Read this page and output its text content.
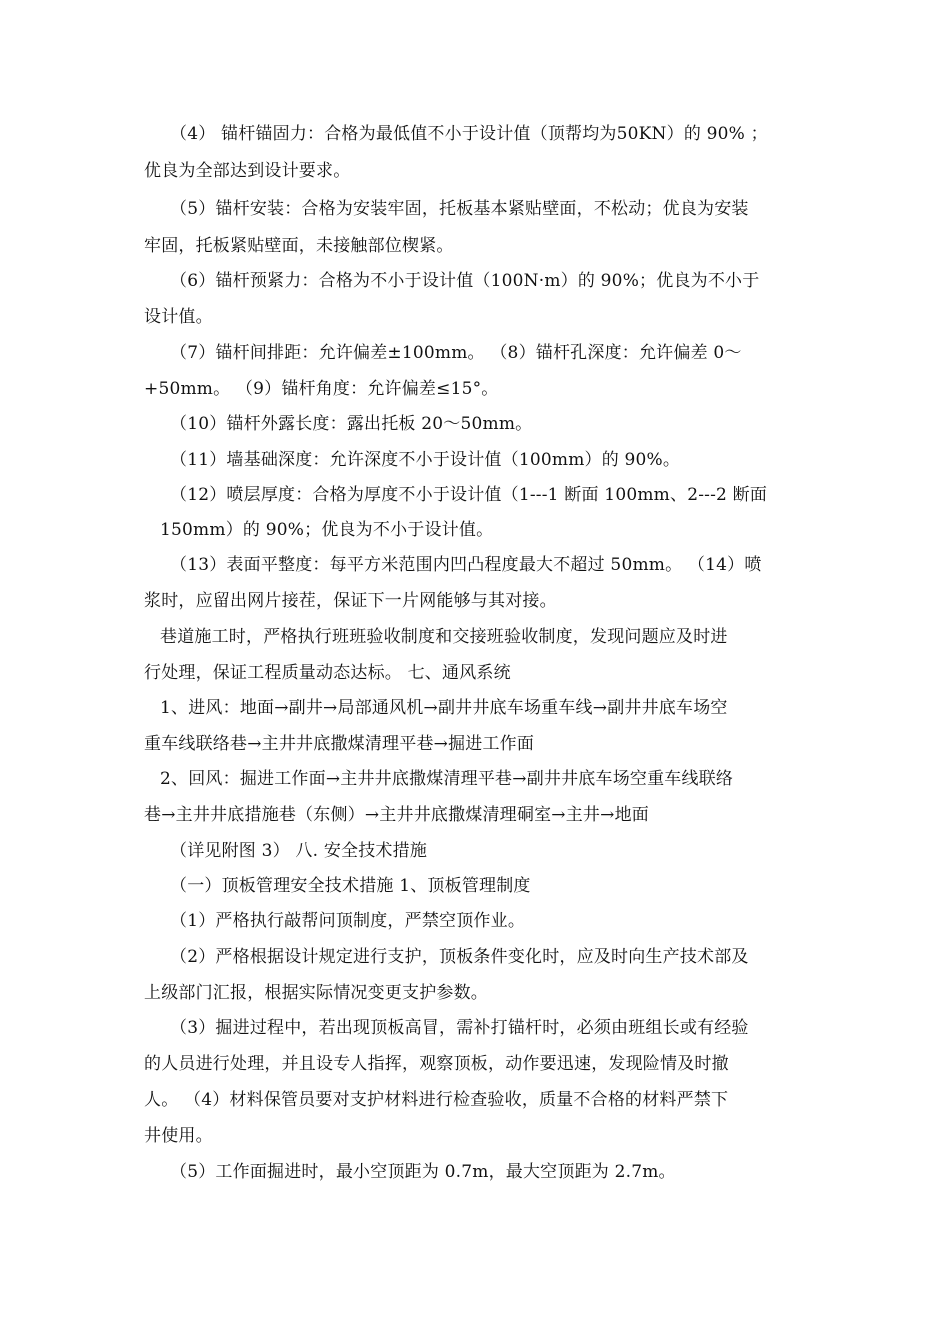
（4） 锚杆锚固力：合格为最低值不小于设计值（顶帮均为50KN）的 90% ；
优良为全部达到设计要求。
（5）锚杆安装：合格为安装牢固，托板基本紧贴壁面，不松动；优良为安装
牢固，托板紧贴壁面，未接触部位楔紧。
（6）锚杆预紧力：合格为不小于设计值（100N·m）的 90%；优良为不小于
设计值。
（7）锚杆间排距：允许偏差±100mm。 （8）锚杆孔深度：允许偏差 0～
+50mm。 （9）锚杆角度：允许偏差≤15°。
（10）锚杆外露长度：露出托板 20～50mm。
（11）墙基础深度：允许深度不小于设计值（100mm）的 90%。
（12）喷层厚度：合格为厚度不小于设计值（1---1 断面 100mm、2---2 断面
150mm）的 90%；优良为不小于设计值。
（13）表面平整度：每平方米范围内凹凸程度最大不超过 50mm。 （14）喷
浆时，应留出网片接茬，保证下一片网能够与其对接。
巷道施工时，严格执行班班验收制度和交接班验收制度，发现问题应及时进
行处理，保证工程质量动态达标。 七、通风系统
1、进风：地面→副井→局部通风机→副井井底车场重车线→副井井底车场空
重车线联络巷→主井井底撒煤清理平巷→掘进工作面
2、回风：掘进工作面→主井井底撒煤清理平巷→副井井底车场空重车线联络
巷→主井井底措施巷（东侧）→主井井底撒煤清理硐室→主井→地面
（详见附图 3） 八. 安全技术措施
（一）顶板管理安全技术措施 1、顶板管理制度
（1）严格执行敲帮问顶制度，严禁空顶作业。
（2）严格根据设计规定进行支护，顶板条件变化时，应及时向生产技术部及
上级部门汇报，根据实际情况变更支护参数。
（3）掘进过程中，若出现顶板高冒，需补打锚杆时，必须由班组长或有经验
的人员进行处理，并且设专人指挥，观察顶板，动作要迅速，发现险情及时撤
人。 （4）材料保管员要对支护材料进行检查验收，质量不合格的材料严禁下
井使用。
（5）工作面掘进时，最小空顶距为 0.7m，最大空顶距为 2.7m。
